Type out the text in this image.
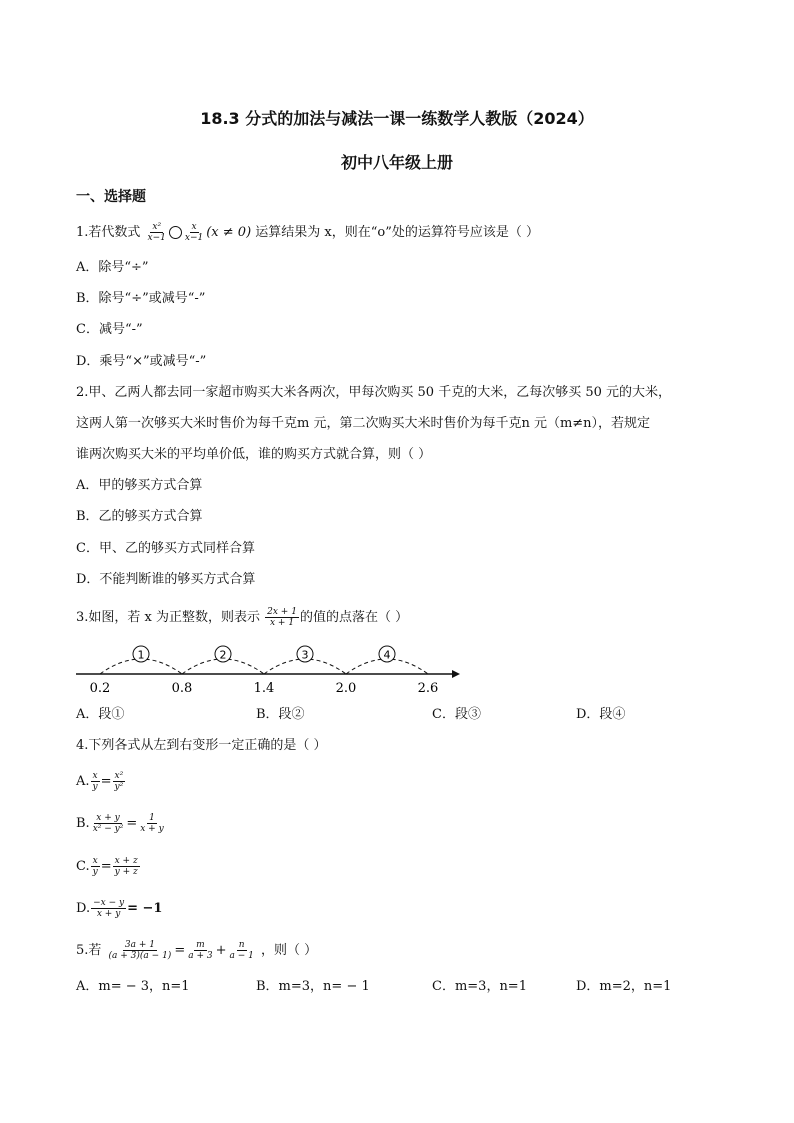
18.3 分式的加法与减法一课一练数学人教版（2024）
初中八年级上册
一、选择题
1.若代数式 $\frac{\text{x²}}{x-1} \frac{x}{x-1} (x \ne 0)$ 运算结果为 x，则在“o”处的运算符号应该是（ ）
A．除号“÷”
B．除号“÷”或减号“-”
C．减号“-”
D．乘号“×”或减号“-”
2.甲、乙两人都去同一家超市购买大米各两次，甲每次购买 50 千克的大米，乙每次够买 50 元的大米，
这两人第一次够买大米时售价为每千克m 元，第二次购买大米时售价为每千克n 元（m≠n），若规定
谁两次购买大米的平均单价低，谁的购买方式就合算，则（ ）
A．甲的够买方式合算
B．乙的够买方式合算
C．甲、乙的够买方式同样合算
D．不能判断谁的够买方式合算
3.如图，若 x 为正整数，则表示 $\frac{2x + 1}{x + 1}$ 的值的点落在（ ）
0.2	0.8	1.4	2.0	2.6
1	2	3	4
A．段①	B．段②	C．段③	D．段④
4.下列各式从左到右变形一定正确的是（ ）
A. $\frac{x}{y} = \frac{\text{x²}}{\text{y²}}$
B. $\frac{x + y}{\text{x² − y²}} = \frac{1}{x + y}$
C. $\frac{x}{y} = \frac{x + z}{y + z}$
D. $\frac{-x - y}{x + y} = -1$
5.若 $\frac{3a + 1}{(a + 3)(a - 1)} = \frac{m}{a + 3} + \frac{n}{a - 1}$ ，则（ ）
A．m= − 3，n=1	B．m=3，n= − 1	C．m=3，n=1	D．m=2，n=1
